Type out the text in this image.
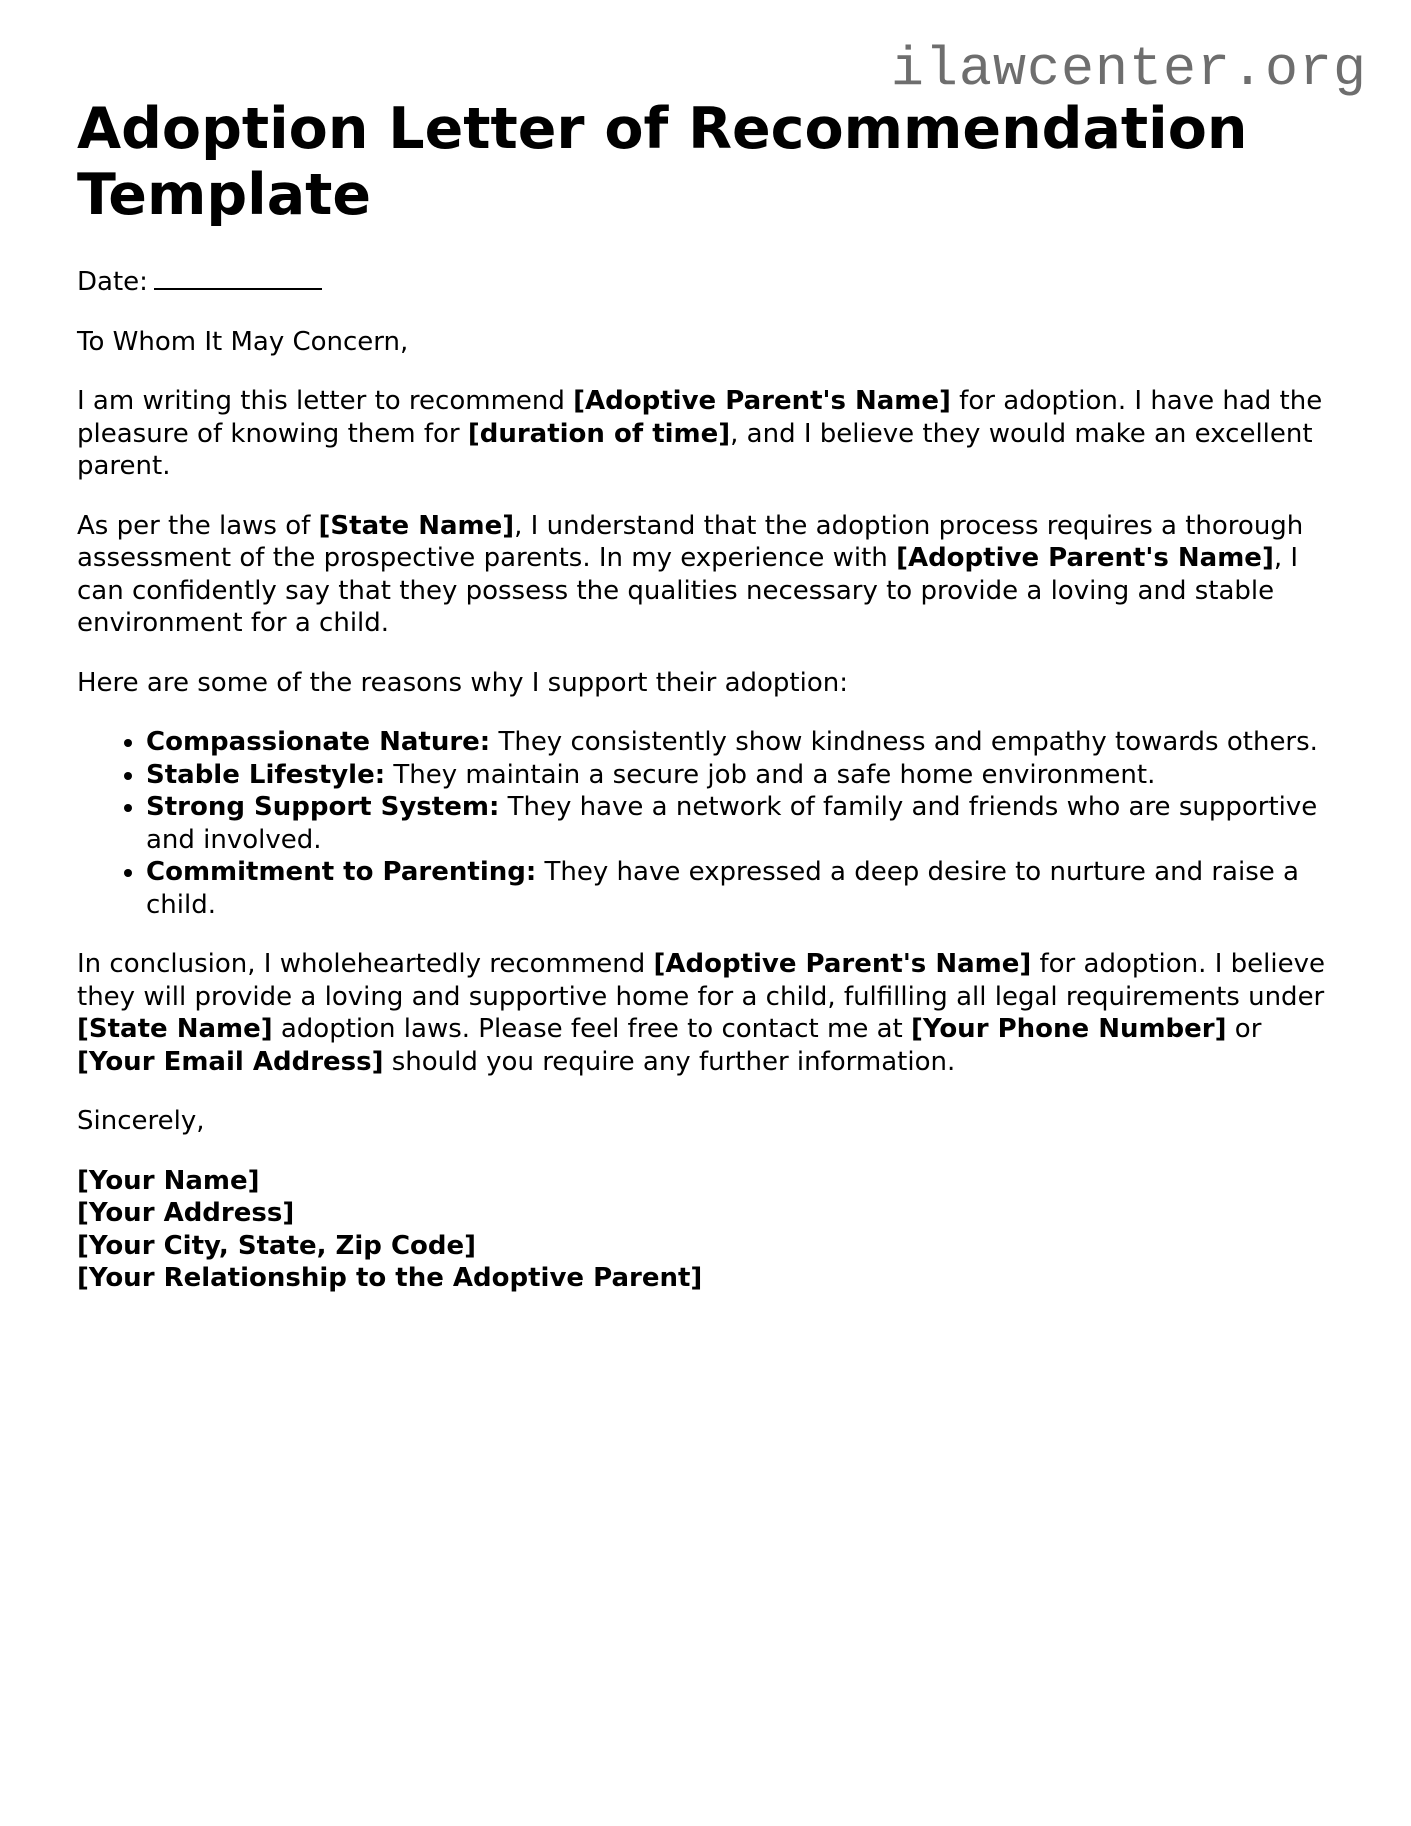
ilawcenter.org
Adoption Letter of Recommendation Template

Date:

To Whom It May Concern,

I am writing this letter to recommend [Adoptive Parent's Name] for adoption. I have had the pleasure of knowing them for [duration of time], and I believe they would make an excellent parent.

As per the laws of [State Name], I understand that the adoption process requires a thorough assessment of the prospective parents. In my experience with [Adoptive Parent's Name], I can confidently say that they possess the qualities necessary to provide a loving and stable environment for a child.

Here are some of the reasons why I support their adoption:

• Compassionate Nature: They consistently show kindness and empathy towards others.
• Stable Lifestyle: They maintain a secure job and a safe home environment.
• Strong Support System: They have a network of family and friends who are supportive and involved.
• Commitment to Parenting: They have expressed a deep desire to nurture and raise a child.

In conclusion, I wholeheartedly recommend [Adoptive Parent's Name] for adoption. I believe they will provide a loving and supportive home for a child, fulfilling all legal requirements under [State Name] adoption laws. Please feel free to contact me at [Your Phone Number] or [Your Email Address] should you require any further information.

Sincerely,

[Your Name]
[Your Address]
[Your City, State, Zip Code]
[Your Relationship to the Adoptive Parent]
